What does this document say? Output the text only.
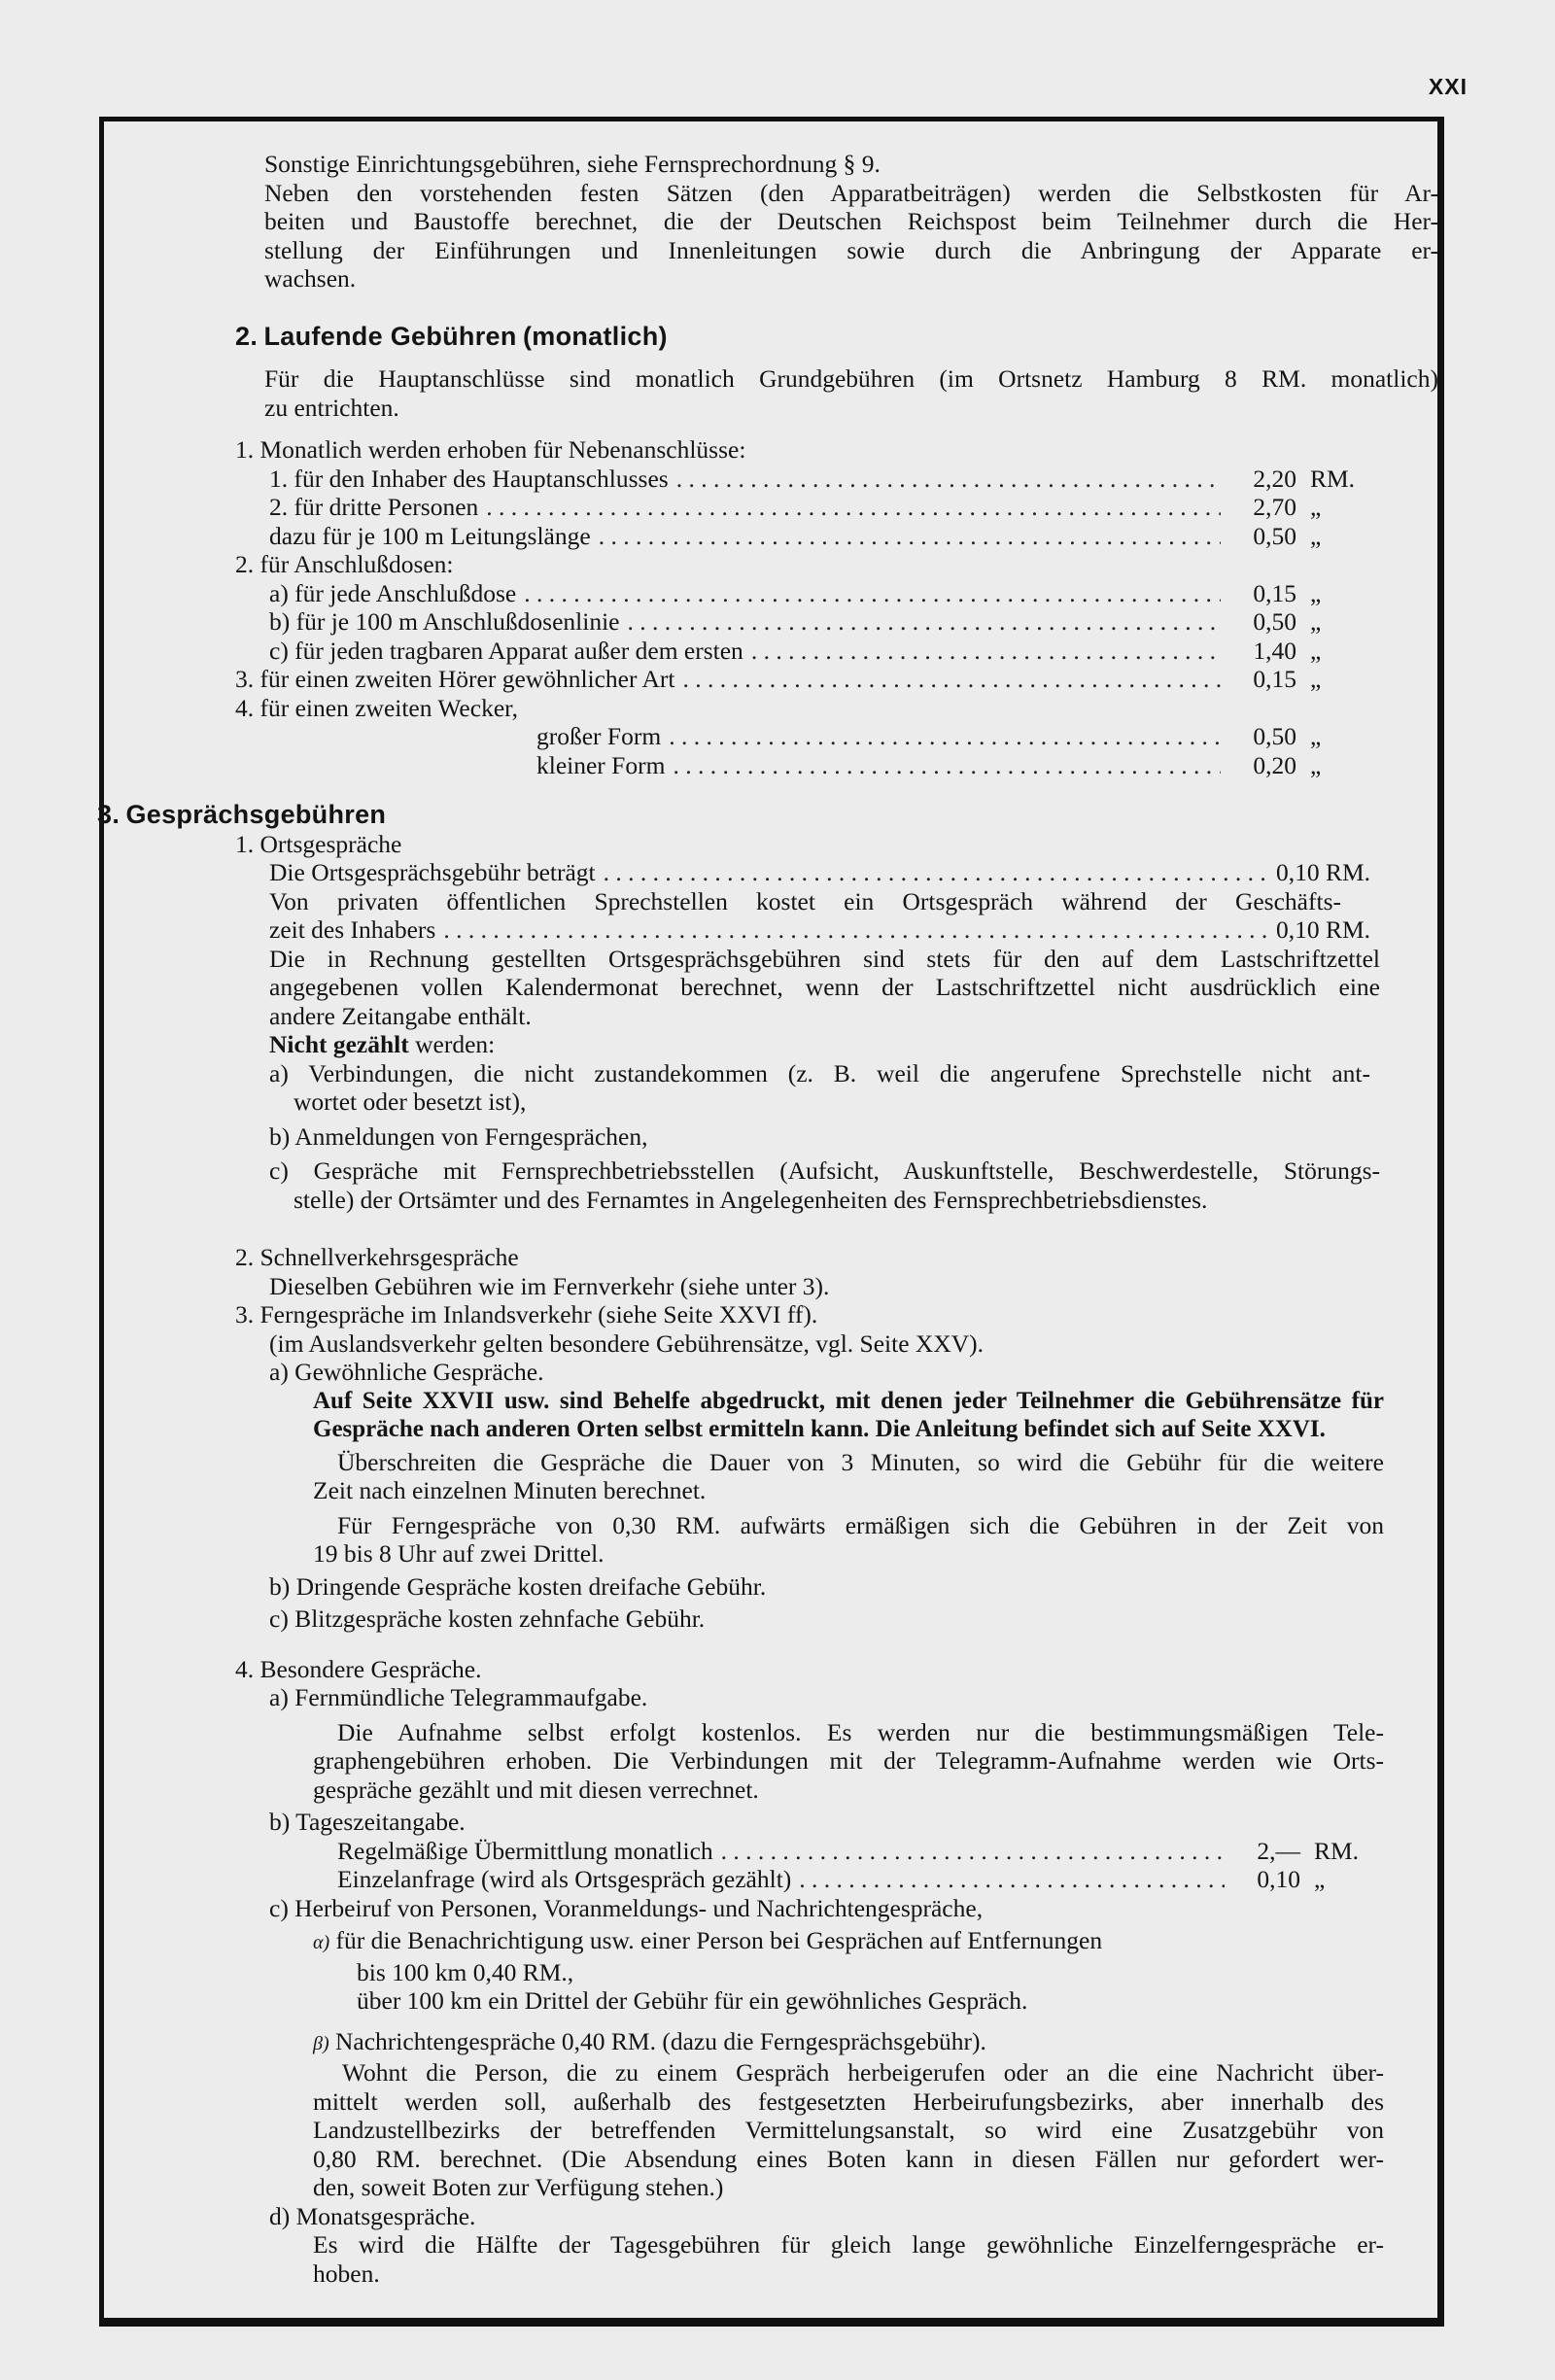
XXI

Sonstige Einrichtungsgebühren, siehe Fernsprechordnung § 9.

Neben den vorstehenden festen Sätzen (den Apparatbeiträgen) werden die Selbstkosten für Ar-

beiten und Baustoffe berechnet, die der Deutschen Reichspost beim Teilnehmer durch die Her-

stellung der Einführungen und Innenleitungen sowie durch die Anbringung der Apparate er-

wachsen.

2. Laufende Gebühren (monatlich)

Für die Hauptanschlüsse sind monatlich Grundgebühren (im Ortsnetz Hamburg 8 RM. monatlich)

zu entrichten.

1. Monatlich werden erhoben für Nebenanschlüsse:

1. für den Inhaber des Hauptanschlusses . . .	2,20 RM.
2. für dritte Personen . . .	2,70 „
dazu für je 100 m Leitungslänge . . .	0,50 „

2. für Anschlußdosen:

a) für jede Anschlußdose . . .	0,15 „
b) für je 100 m Anschlußdosenlinie . . .	0,50 „
c) für jeden tragbaren Apparat außer dem ersten . . .	1,40 „
3. für einen zweiten Hörer gewöhnlicher Art . . .	0,15 „

4. für einen zweiten Wecker,

großer Form . . .	0,50 „
kleiner Form . . .	0,20 „

3. Gesprächsgebühren

1. Ortsgespräche

Die Ortsgesprächsgebühr beträgt . . .	0,10 RM.

Von privaten öffentlichen Sprechstellen kostet ein Ortsgespräch während der Geschäfts-

zeit des Inhabers . . .	0,10 RM.

Die in Rechnung gestellten Ortsgesprächsgebühren sind stets für den auf dem Lastschriftzettel

angegebenen vollen Kalendermonat berechnet, wenn der Lastschriftzettel nicht ausdrücklich eine

andere Zeitangabe enthält.

Nicht gezählt werden:

a) Verbindungen, die nicht zustandekommen (z. B. weil die angerufene Sprechstelle nicht ant-

wortet oder besetzt ist),

b) Anmeldungen von Ferngesprächen,

c) Gespräche mit Fernsprechbetriebsstellen (Aufsicht, Auskunftstelle, Beschwerdestelle, Störungs-

stelle) der Ortsämter und des Fernamtes in Angelegenheiten des Fernsprechbetriebsdienstes.

2. Schnellverkehrsgespräche

Dieselben Gebühren wie im Fernverkehr (siehe unter 3).

3. Ferngespräche im Inlandsverkehr (siehe Seite XXVI ff).

(im Auslandsverkehr gelten besondere Gebührensätze, vgl. Seite XXV).

a) Gewöhnliche Gespräche.

Auf Seite XXVII usw. sind Behelfe abgedruckt, mit denen jeder Teilnehmer die Gebührensätze für

Gespräche nach anderen Orten selbst ermitteln kann. Die Anleitung befindet sich auf Seite XXVI.

Überschreiten die Gespräche die Dauer von 3 Minuten, so wird die Gebühr für die weitere

Zeit nach einzelnen Minuten berechnet.

Für Ferngespräche von 0,30 RM. aufwärts ermäßigen sich die Gebühren in der Zeit von

19 bis 8 Uhr auf zwei Drittel.

b) Dringende Gespräche kosten dreifache Gebühr.

c) Blitzgespräche kosten zehnfache Gebühr.

4. Besondere Gespräche.

a) Fernmündliche Telegrammaufgabe.

Die Aufnahme selbst erfolgt kostenlos. Es werden nur die bestimmungsmäßigen Tele-

graphengebühren erhoben. Die Verbindungen mit der Telegramm-Aufnahme werden wie Orts-

gespräche gezählt und mit diesen verrechnet.

b) Tageszeitangabe.

Regelmäßige Übermittlung monatlich . . .	2,— RM.
Einzelanfrage (wird als Ortsgespräch gezählt) . . .	0,10 „

c) Herbeiruf von Personen, Voranmeldungs- und Nachrichtengespräche,

α) für die Benachrichtigung usw. einer Person bei Gesprächen auf Entfernungen

bis 100 km 0,40 RM.,

über 100 km ein Drittel der Gebühr für ein gewöhnliches Gespräch.

β) Nachrichtengespräche 0,40 RM. (dazu die Ferngesprächsgebühr).

Wohnt die Person, die zu einem Gespräch herbeigerufen oder an die eine Nachricht über-

mittelt werden soll, außerhalb des festgesetzten Herbeirufungsbezirks, aber innerhalb des

Landzustellbezirks der betreffenden Vermittelungsanstalt, so wird eine Zusatzgebühr von

0,80 RM. berechnet. (Die Absendung eines Boten kann in diesen Fällen nur gefordert wer-

den, soweit Boten zur Verfügung stehen.)

d) Monatsgespräche.

Es wird die Hälfte der Tagesgebühren für gleich lange gewöhnliche Einzelferngespräche er-

hoben.
